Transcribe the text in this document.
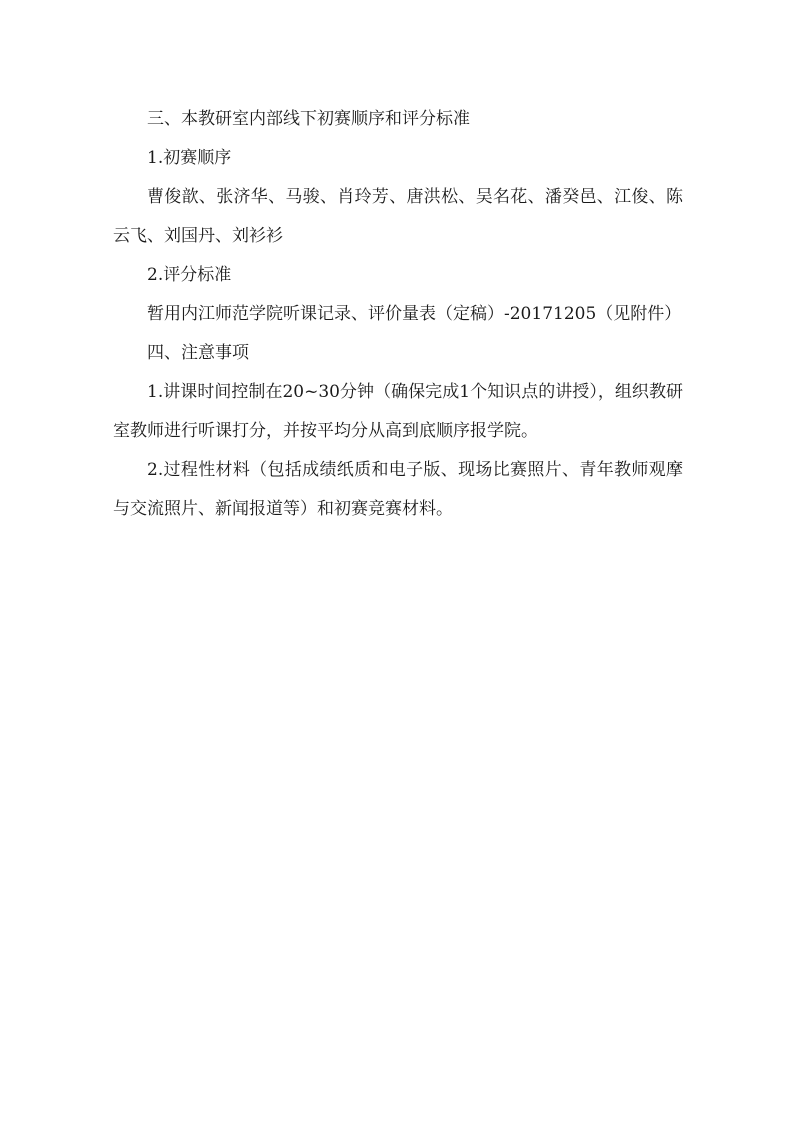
三、本教研室内部线下初赛顺序和评分标准

1.初赛顺序

曹俊歆、张济华、马骏、肖玲芳、唐洪松、吴名花、潘癸邑、江俊、陈云飞、刘国丹、刘衫衫

2.评分标准

暂用内江师范学院听课记录、评价量表（定稿）-20171205（见附件）

四、注意事项

1.讲课时间控制在20~30分钟（确保完成1个知识点的讲授），组织教研室教师进行听课打分，并按平均分从高到底顺序报学院。

2.过程性材料（包括成绩纸质和电子版、现场比赛照片、青年教师观摩与交流照片、新闻报道等）和初赛竞赛材料。
